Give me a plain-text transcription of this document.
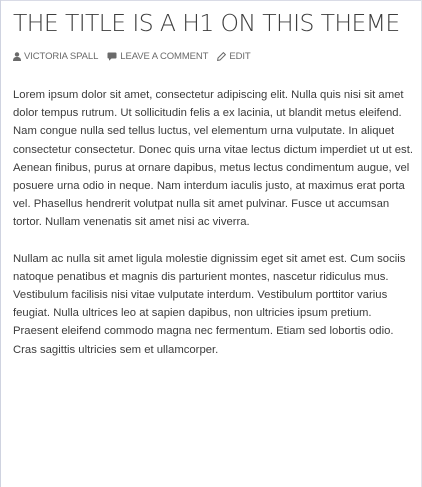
THE TITLE IS A H1 ON THIS THEME
VICTORIA SPALL LEAVE A COMMENT EDIT

Lorem ipsum dolor sit amet, consectetur adipiscing elit. Nulla quis nisi sit amet dolor tempus rutrum. Ut sollicitudin felis a ex lacinia, ut blandit metus eleifend. Nam congue nulla sed tellus luctus, vel elementum urna vulputate. In aliquet consectetur consectetur. Donec quis urna vitae lectus dictum imperdiet ut ut est. Aenean finibus, purus at ornare dapibus, metus lectus condimentum augue, vel posuere urna odio in neque. Nam interdum iaculis justo, at maximus erat porta vel. Phasellus hendrerit volutpat nulla sit amet pulvinar. Fusce ut accumsan tortor. Nullam venenatis sit amet nisi ac viverra.

Nullam ac nulla sit amet ligula molestie dignissim eget sit amet est. Cum sociis natoque penatibus et magnis dis parturient montes, nascetur ridiculus mus. Vestibulum facilisis nisi vitae vulputate interdum. Vestibulum porttitor varius feugiat. Nulla ultrices leo at sapien dapibus, non ultricies ipsum pretium. Praesent eleifend commodo magna nec fermentum. Etiam sed lobortis odio. Cras sagittis ultricies sem et ullamcorper.
